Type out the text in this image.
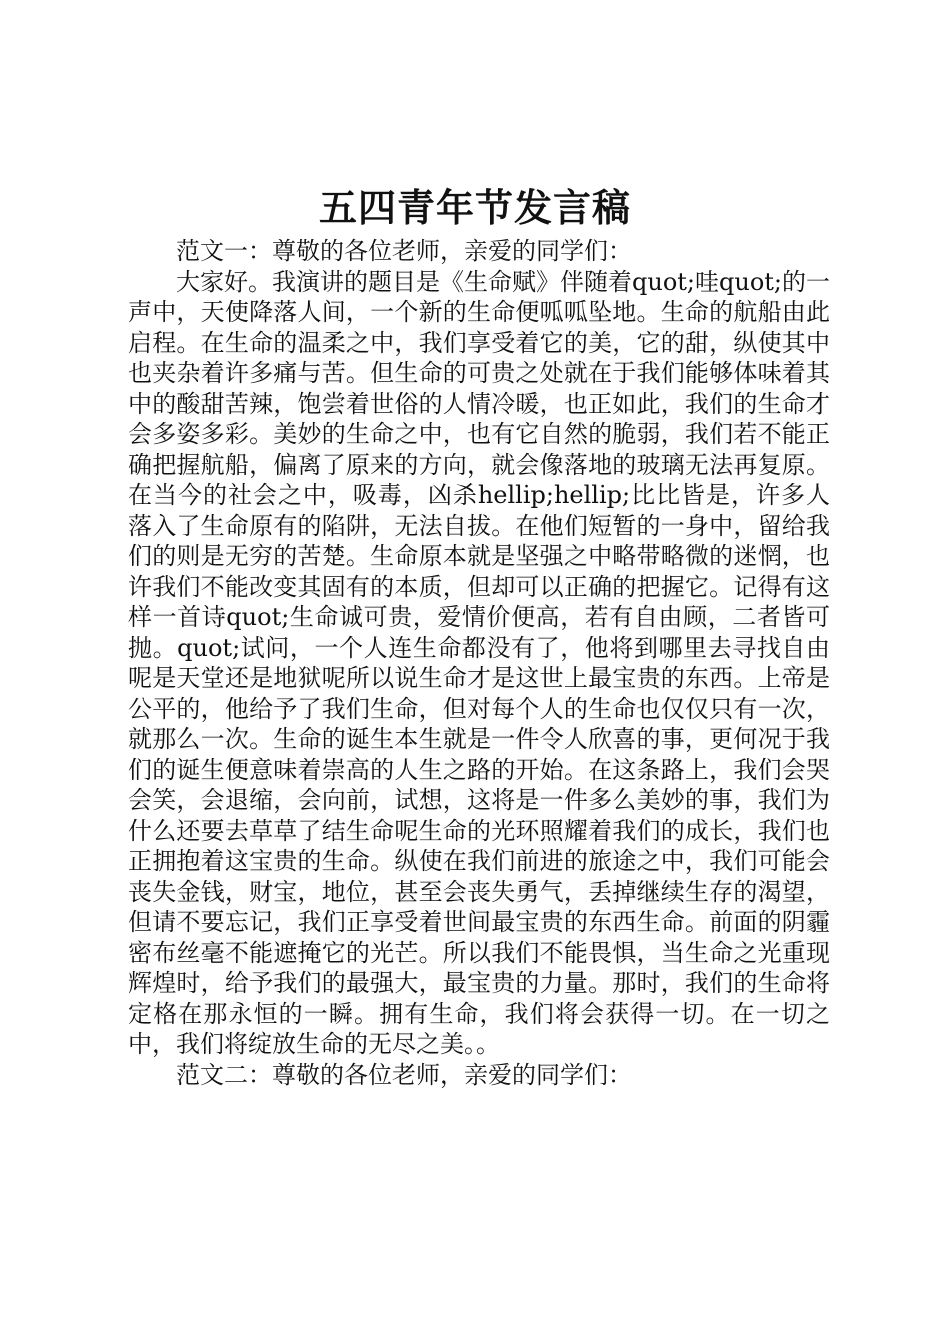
五四青年节发言稿

范文一：尊敬的各位老师，亲爱的同学们：

大家好。我演讲的题目是《生命赋》伴随着quot;哇quot;的一声中，天使降落人间，一个新的生命便呱呱坠地。生命的航船由此启程。在生命的温柔之中，我们享受着它的美，它的甜，纵使其中也夹杂着许多痛与苦。但生命的可贵之处就在于我们能够体味着其中的酸甜苦辣，饱尝着世俗的人情冷暖，也正如此，我们的生命才会多姿多彩。美妙的生命之中，也有它自然的脆弱，我们若不能正确把握航船，偏离了原来的方向，就会像落地的玻璃无法再复原。在当今的社会之中，吸毒，凶杀hellip;hellip;比比皆是，许多人落入了生命原有的陷阱，无法自拔。在他们短暂的一身中，留给我们的则是无穷的苦楚。生命原本就是坚强之中略带略微的迷惘，也许我们不能改变其固有的本质，但却可以正确的把握它。记得有这样一首诗quot;生命诚可贵，爱情价便高，若有自由顾，二者皆可抛。quot;试问，一个人连生命都没有了，他将到哪里去寻找自由呢是天堂还是地狱呢所以说生命才是这世上最宝贵的东西。上帝是公平的，他给予了我们生命，但对每个人的生命也仅仅只有一次，就那么一次。生命的诞生本生就是一件令人欣喜的事，更何况于我们的诞生便意味着崇高的人生之路的开始。在这条路上，我们会哭会笑，会退缩，会向前，试想，这将是一件多么美妙的事，我们为什么还要去草草了结生命呢生命的光环照耀着我们的成长，我们也正拥抱着这宝贵的生命。纵使在我们前进的旅途之中，我们可能会丧失金钱，财宝，地位，甚至会丧失勇气，丢掉继续生存的渴望，但请不要忘记，我们正享受着世间最宝贵的东西生命。前面的阴霾密布丝毫不能遮掩它的光芒。所以我们不能畏惧，当生命之光重现辉煌时，给予我们的最强大，最宝贵的力量。那时，我们的生命将定格在那永恒的一瞬。拥有生命，我们将会获得一切。在一切之中，我们将绽放生命的无尽之美。。

范文二：尊敬的各位老师，亲爱的同学们：
